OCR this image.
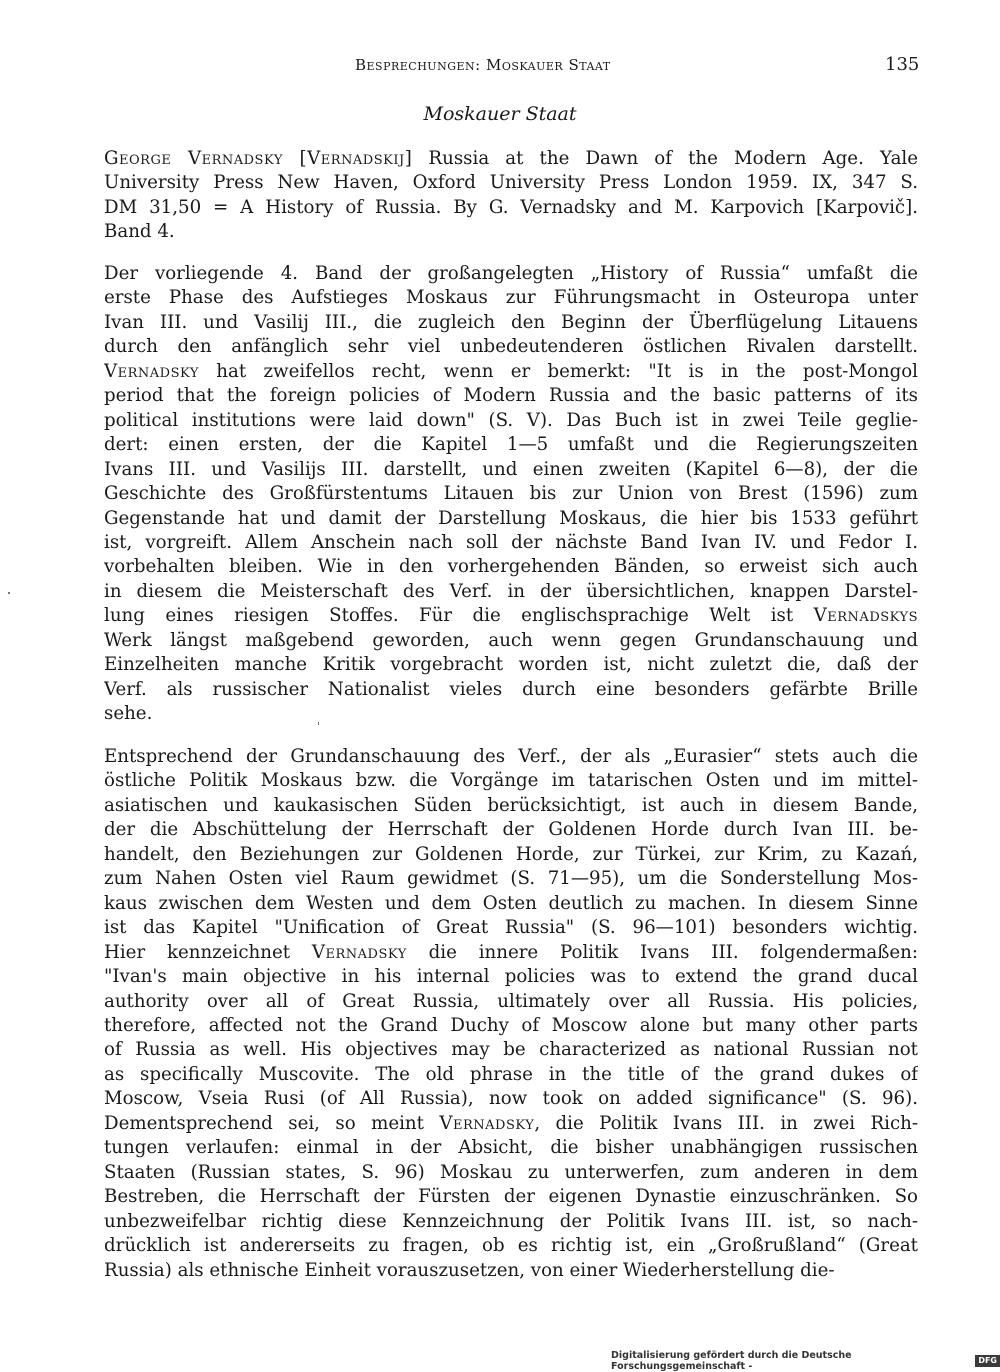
Besprechungen: Moskauer Staat	135
Moskauer Staat
George Vernadsky [Vernadskij] Russia at the Dawn of the Modern Age. Yale
University Press New Haven, Oxford University Press London 1959. IX, 347 S.
DM 31,50 = A History of Russia. By G. Vernadsky and M. Karpovich [Karpovič].
Band 4.
Der vorliegende 4. Band der großangelegten „History of Russia“ umfaßt die
erste Phase des Aufstieges Moskaus zur Führungsmacht in Osteuropa unter
Ivan III. und Vasilij III., die zugleich den Beginn der Überflügelung Litauens
durch den anfänglich sehr viel unbedeutenderen östlichen Rivalen darstellt.
Vernadsky hat zweifellos recht, wenn er bemerkt: "It is in the post-Mongol
period that the foreign policies of Modern Russia and the basic patterns of its
political institutions were laid down" (S. V). Das Buch ist in zwei Teile geglie-
dert: einen ersten, der die Kapitel 1—5 umfaßt und die Regierungszeiten
Ivans III. und Vasilijs III. darstellt, und einen zweiten (Kapitel 6—8), der die
Geschichte des Großfürstentums Litauen bis zur Union von Brest (1596) zum
Gegenstande hat und damit der Darstellung Moskaus, die hier bis 1533 geführt
ist, vorgreift. Allem Anschein nach soll der nächste Band Ivan IV. und Fedor I.
vorbehalten bleiben. Wie in den vorhergehenden Bänden, so erweist sich auch
in diesem die Meisterschaft des Verf. in der übersichtlichen, knappen Darstel-
lung eines riesigen Stoffes. Für die englischsprachige Welt ist Vernadskys
Werk längst maßgebend geworden, auch wenn gegen Grundanschauung und
Einzelheiten manche Kritik vorgebracht worden ist, nicht zuletzt die, daß der
Verf. als russischer Nationalist vieles durch eine besonders gefärbte Brille
sehe.
Entsprechend der Grundanschauung des Verf., der als „Eurasier“ stets auch die
östliche Politik Moskaus bzw. die Vorgänge im tatarischen Osten und im mittel-
asiatischen und kaukasischen Süden berücksichtigt, ist auch in diesem Bande,
der die Abschüttelung der Herrschaft der Goldenen Horde durch Ivan III. be-
handelt, den Beziehungen zur Goldenen Horde, zur Türkei, zur Krim, zu Kazań,
zum Nahen Osten viel Raum gewidmet (S. 71—95), um die Sonderstellung Mos-
kaus zwischen dem Westen und dem Osten deutlich zu machen. In diesem Sinne
ist das Kapitel "Unification of Great Russia" (S. 96—101) besonders wichtig.
Hier kennzeichnet Vernadsky die innere Politik Ivans III. folgendermaßen:
"Ivan's main objective in his internal policies was to extend the grand ducal
authority over all of Great Russia, ultimately over all Russia. His policies,
therefore, affected not the Grand Duchy of Moscow alone but many other parts
of Russia as well. His objectives may be characterized as national Russian not
as specifically Muscovite. The old phrase in the title of the grand dukes of
Moscow, Vseia Rusi (of All Russia), now took on added significance" (S. 96).
Dementsprechend sei, so meint Vernadsky, die Politik Ivans III. in zwei Rich-
tungen verlaufen: einmal in der Absicht, die bisher unabhängigen russischen
Staaten (Russian states, S. 96) Moskau zu unterwerfen, zum anderen in dem
Bestreben, die Herrschaft der Fürsten der eigenen Dynastie einzuschränken. So
unbezweifelbar richtig diese Kennzeichnung der Politik Ivans III. ist, so nach-
drücklich ist andererseits zu fragen, ob es richtig ist, ein „Großrußland“ (Great
Russia) als ethnische Einheit vorauszusetzen, von einer Wiederherstellung die-
Digitalisierung gefördert durch die Deutsche Forschungsgemeinschaft -
DFG
